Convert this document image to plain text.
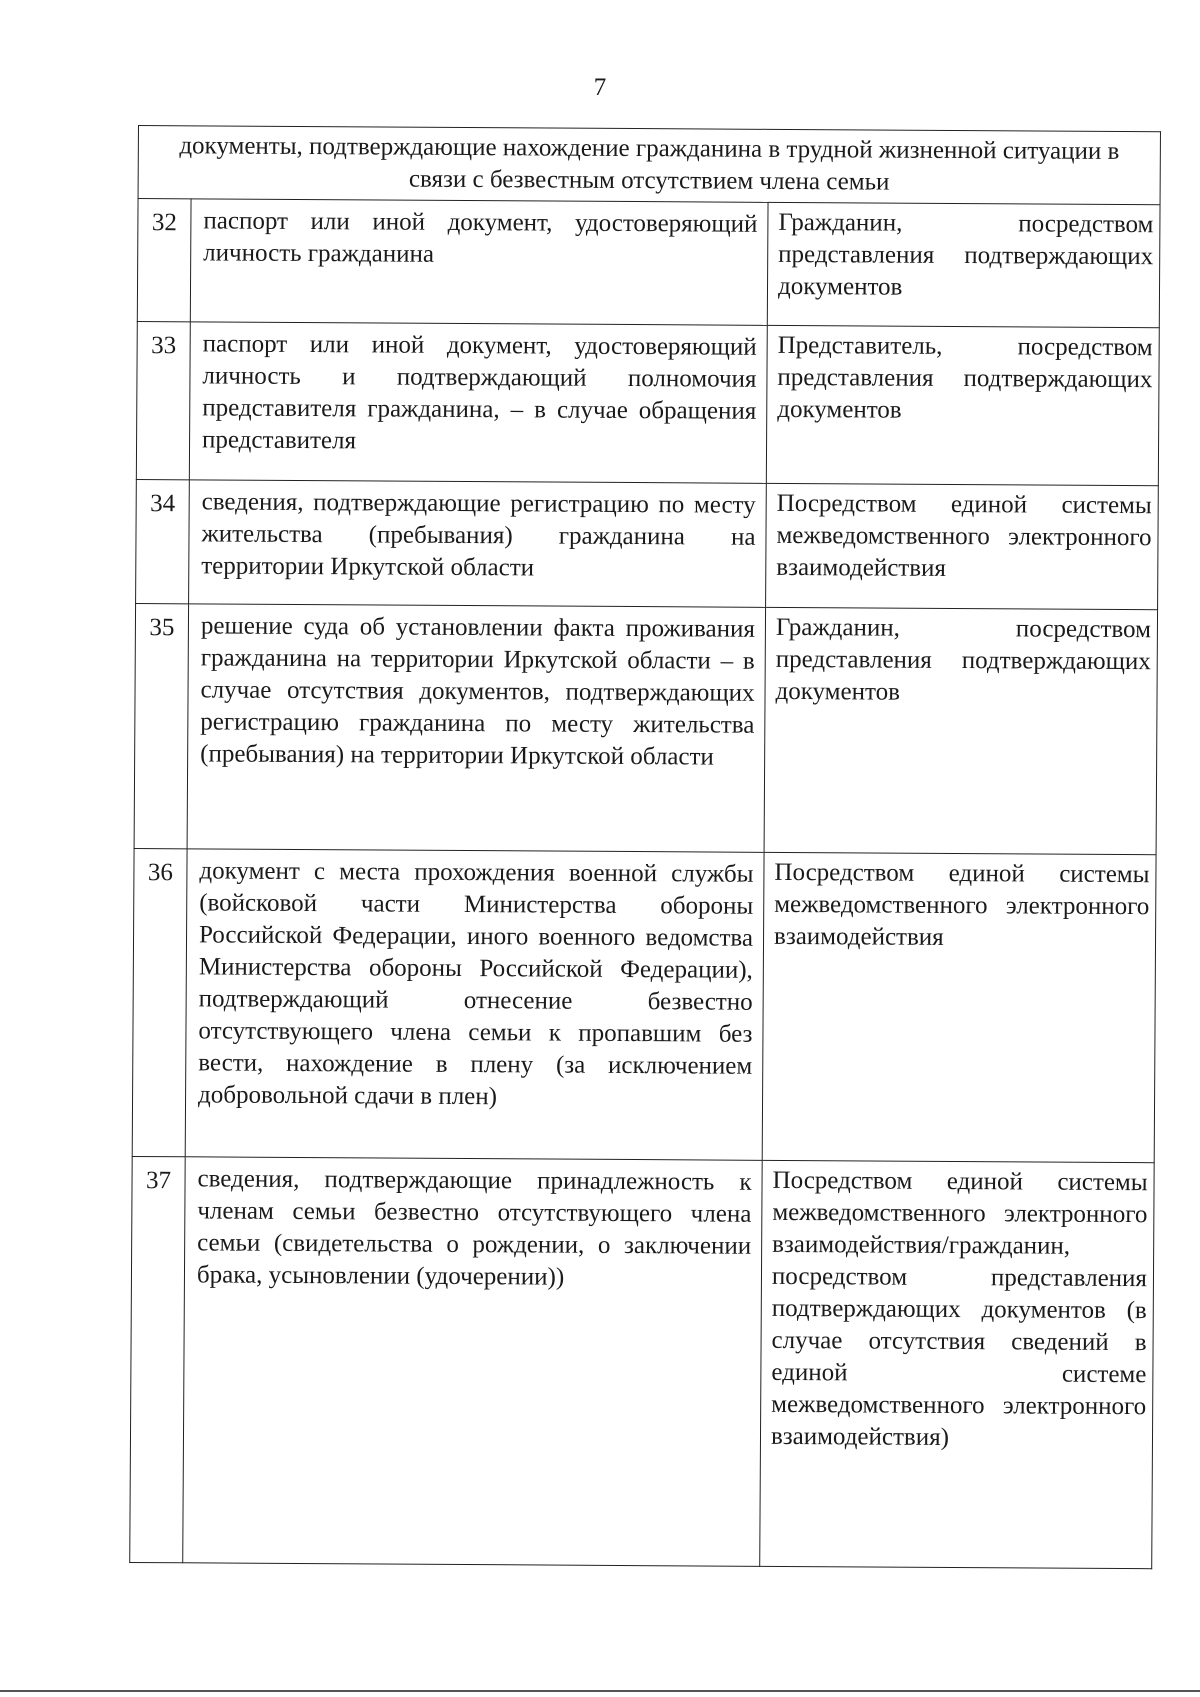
7
документы, подтверждающие нахождение гражданина в трудной жизненной ситуации в связи с безвестным отсутствием члена семьи		
32	паспорт или иной документ, удостоверяющий личность гражданина	Гражданин, посредством представления подтверждающих документов
33	паспорт или иной документ, удостоверяющий личность и подтверждающий полномочия представителя гражданина, – в случае обращения представителя	Представитель, посредством представления подтверждающих документов
34	сведения, подтверждающие регистрацию по месту жительства (пребывания) гражданина на территории Иркутской области	Посредством единой системы межведомственного электронного взаимодействия
35	решение суда об установлении факта проживания гражданина на территории Иркутской области – в случае отсутствия документов, подтверждающих регистрацию гражданина по месту жительства (пребывания) на территории Иркутской области	Гражданин, посредством представления подтверждающих документов
36	документ с места прохождения военной службы (войсковой части Министерства обороны Российской Федерации, иного военного ведомства Министерства обороны Российской Федерации), подтверждающий отнесение безвестно отсутствующего члена семьи к пропавшим без вести, нахождение в плену (за исключением добровольной сдачи в плен)	Посредством единой системы межведомственного электронного взаимодействия
37	сведения, подтверждающие принадлежность к членам семьи безвестно отсутствующего члена семьи (свидетельства о рождении, о заключении брака, усыновлении (удочерении))	Посредством единой системы межведомственного электронного взаимодействия/гражданин, посредством представления подтверждающих документов (в случае отсутствия сведений в единой системе межведомственного электронного взаимодействия)
